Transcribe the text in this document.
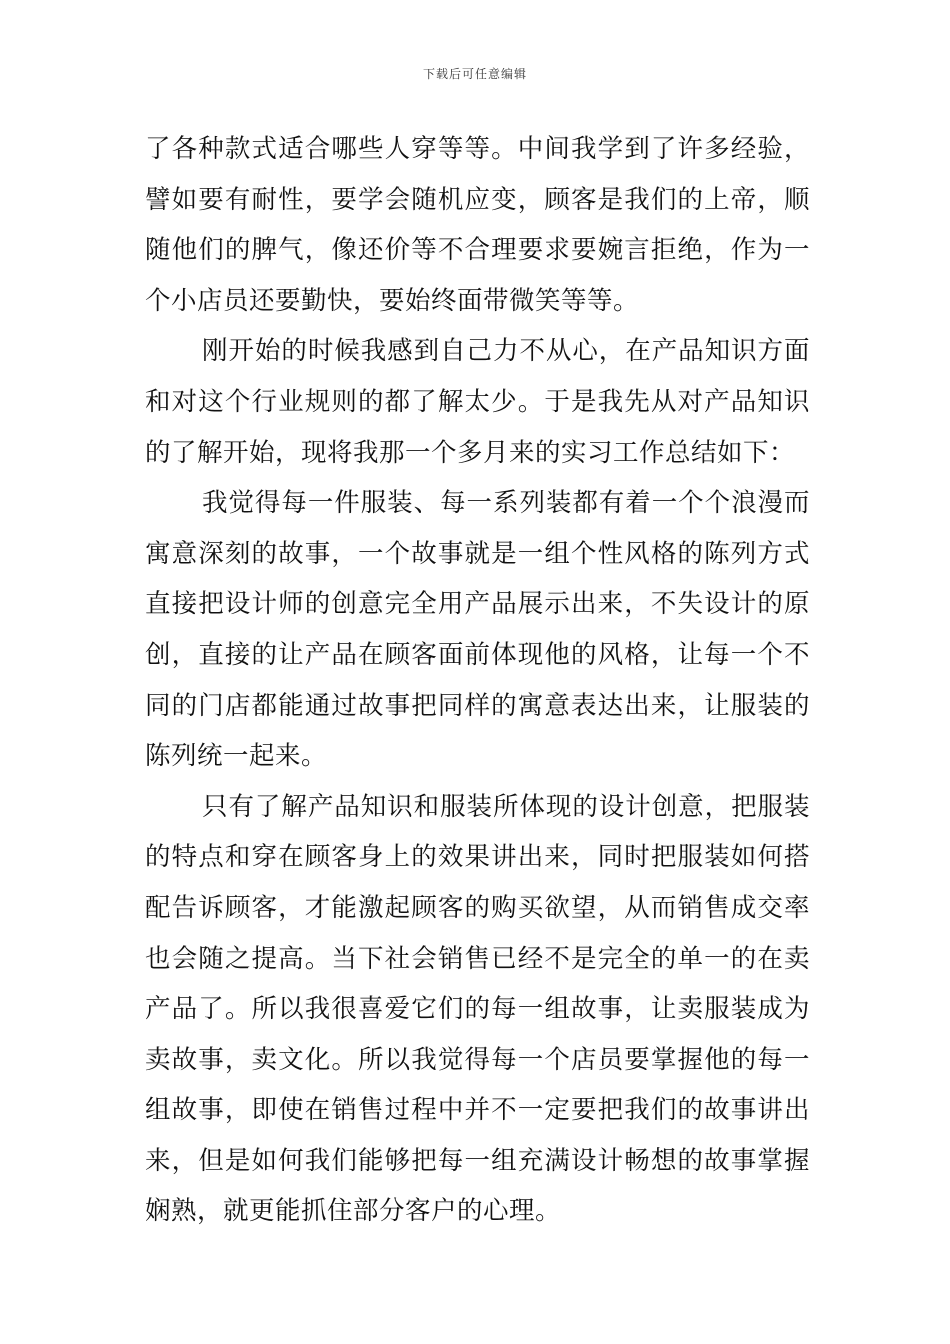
下载后可任意编辑
了各种款式适合哪些人穿等等。中间我学到了许多经验，
譬如要有耐性，要学会随机应变，顾客是我们的上帝，顺
随他们的脾气，像还价等不合理要求要婉言拒绝，作为一
个小店员还要勤快，要始终面带微笑等等。
刚开始的时候我感到自己力不从心，在产品知识方面
和对这个行业规则的都了解太少。于是我先从对产品知识
的了解开始，现将我那一个多月来的实习工作总结如下：
我觉得每一件服装、每一系列装都有着一个个浪漫而
寓意深刻的故事，一个故事就是一组个性风格的陈列方式
直接把设计师的创意完全用产品展示出来，不失设计的原
创，直接的让产品在顾客面前体现他的风格，让每一个不
同的门店都能通过故事把同样的寓意表达出来，让服装的
陈列统一起来。
只有了解产品知识和服装所体现的设计创意，把服装
的特点和穿在顾客身上的效果讲出来，同时把服装如何搭
配告诉顾客，才能激起顾客的购买欲望，从而销售成交率
也会随之提高。当下社会销售已经不是完全的单一的在卖
产品了。所以我很喜爱它们的每一组故事，让卖服装成为
卖故事，卖文化。所以我觉得每一个店员要掌握他的每一
组故事，即使在销售过程中并不一定要把我们的故事讲出
来，但是如何我们能够把每一组充满设计畅想的故事掌握
娴熟，就更能抓住部分客户的心理。
